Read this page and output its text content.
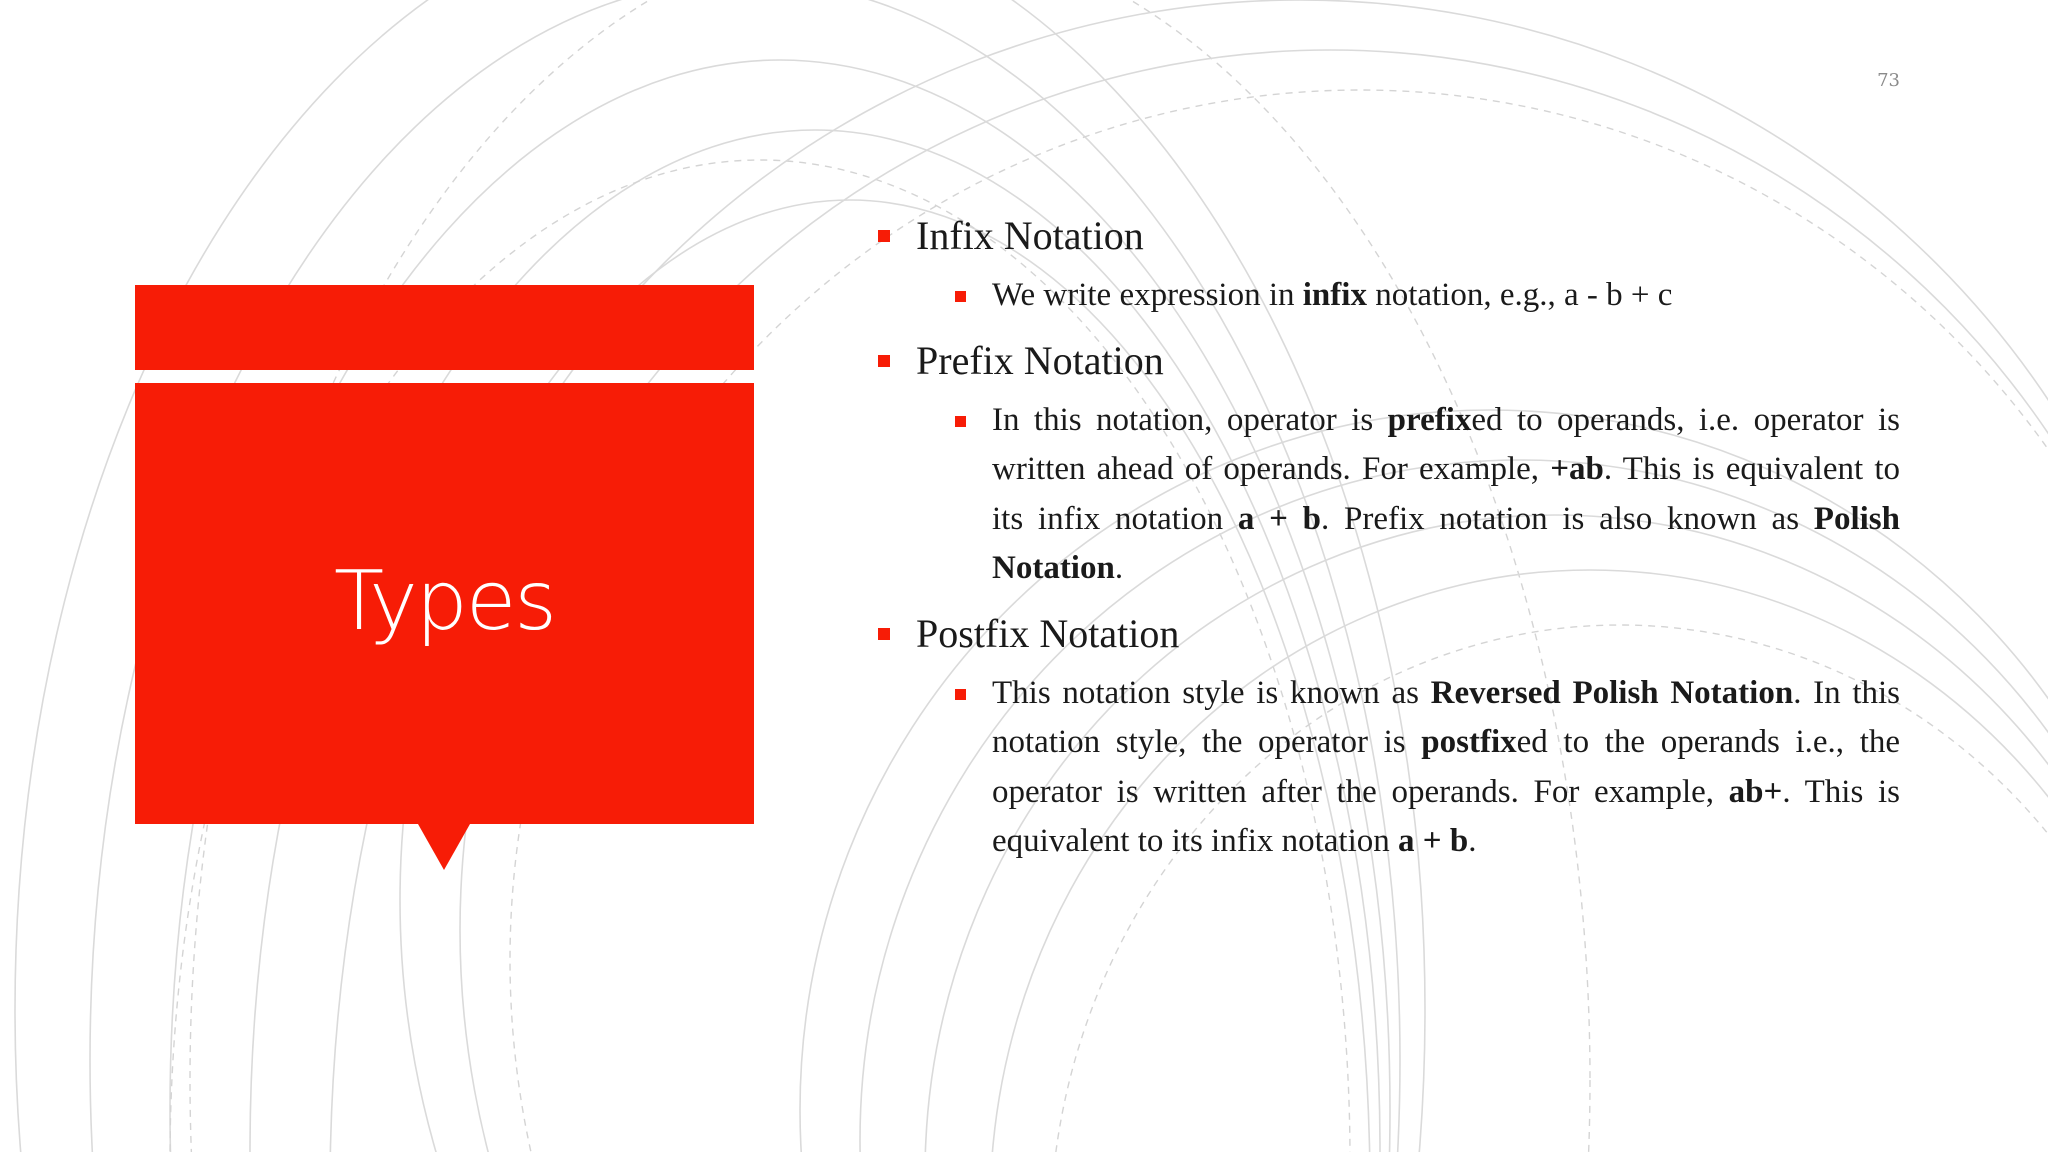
73
Types
Infix Notation
We write expression in infix notation, e.g., a - b + c
Prefix Notation
In this notation, operator is prefixed to operands, i.e. operator is written ahead of operands. For example, +ab. This is equivalent to its infix notation a + b. Prefix notation is also known as Polish Notation.
Postfix Notation
This notation style is known as Reversed Polish Notation. In this notation style, the operator is postfixed to the operands i.e., the operator is written after the operands. For example, ab+. This is equivalent to its infix notation a + b.
